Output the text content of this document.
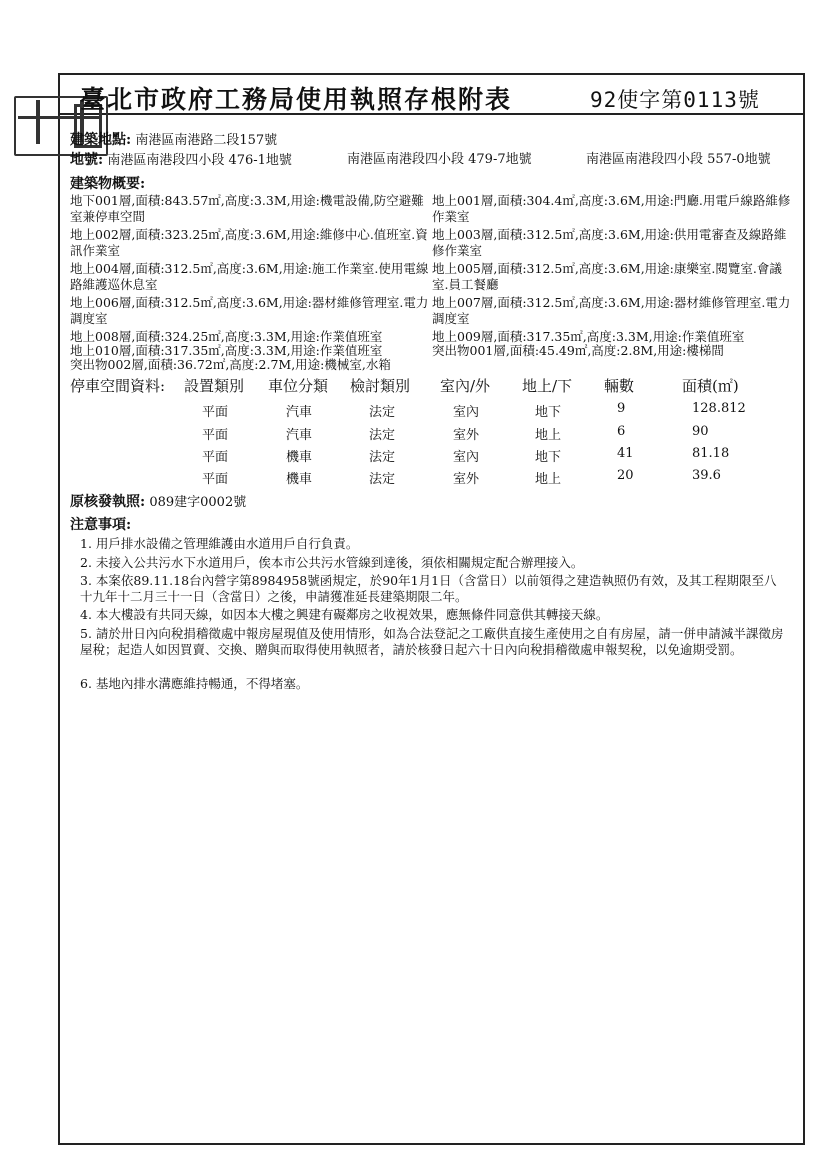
臺北市政府工務局使用執照存根附表	92使字第0113號
建築地點: 南港區南港路二段157號
地號: 南港區南港段四小段 476-1地號	南港區南港段四小段 479-7地號	南港區南港段四小段 557-0地號
建築物概要:
地下001層,面積:843.57㎡,高度:3.3M,用途:機電設備,防空避難室兼停車空間
地上001層,面積:304.4㎡,高度:3.6M,用途:門廳.用電戶線路維修作業室
地上002層,面積:323.25㎡,高度:3.6M,用途:維修中心.值班室.資訊作業室
地上003層,面積:312.5㎡,高度:3.6M,用途:供用電審查及線路維修作業室
地上004層,面積:312.5㎡,高度:3.6M,用途:施工作業室.使用電線路維護巡休息室
地上005層,面積:312.5㎡,高度:3.6M,用途:康樂室.閱覽室.會議室.員工餐廳
地上006層,面積:312.5㎡,高度:3.6M,用途:器材維修管理室.電力調度室
地上007層,面積:312.5㎡,高度:3.6M,用途:器材維修管理室.電力調度室
地上008層,面積:324.25㎡,高度:3.3M,用途:作業值班室	地上009層,面積:317.35㎡,高度:3.3M,用途:作業值班室
地上010層,面積:317.35㎡,高度:3.3M,用途:作業值班室	突出物001層,面積:45.49㎡,高度:2.8M,用途:樓梯間
突出物002層,面積:36.72㎡,高度:2.7M,用途:機械室,水箱
停車空間資料: 設置類別 車位分類 檢討類別 室內/外 地上/下 輛數	面積(㎡)
平面	汽車	法定	室內	地下	9	128.812
平面	汽車	法定	室外	地上	6	90
平面	機車	法定	室內	地下	41	81.18
平面	機車	法定	室外	地上	20	39.6
原核發執照: 089建字0002號
注意事項:
1. 用戶排水設備之管理維護由水道用戶自行負責。
2. 未接入公共污水下水道用戶，俟本市公共污水管線到達後，須依相關規定配合辦理接入。
3. 本案依89.11.18台內營字第8984958號函規定，於90年1月1日（含當日）以前領得之建造執照仍有效，及其工程期限至八十九年十二月三十一日（含當日）之後，申請獲准延長建築期限二年。
4. 本大樓設有共同天線，如因本大樓之興建有礙鄰房之收視效果，應無條件同意供其轉接天線。
5. 請於卅日內向稅捐稽徵處中報房屋現值及使用情形，如為合法登記之工廠供直接生產使用之自有房屋，請一併申請減半課徵房屋稅；起造人如因買賣、交換、贈與而取得使用執照者，請於核發日起六十日內向稅捐稽徵處申報契稅，以免逾期受罰。
6. 基地內排水溝應維持暢通，不得堵塞。
